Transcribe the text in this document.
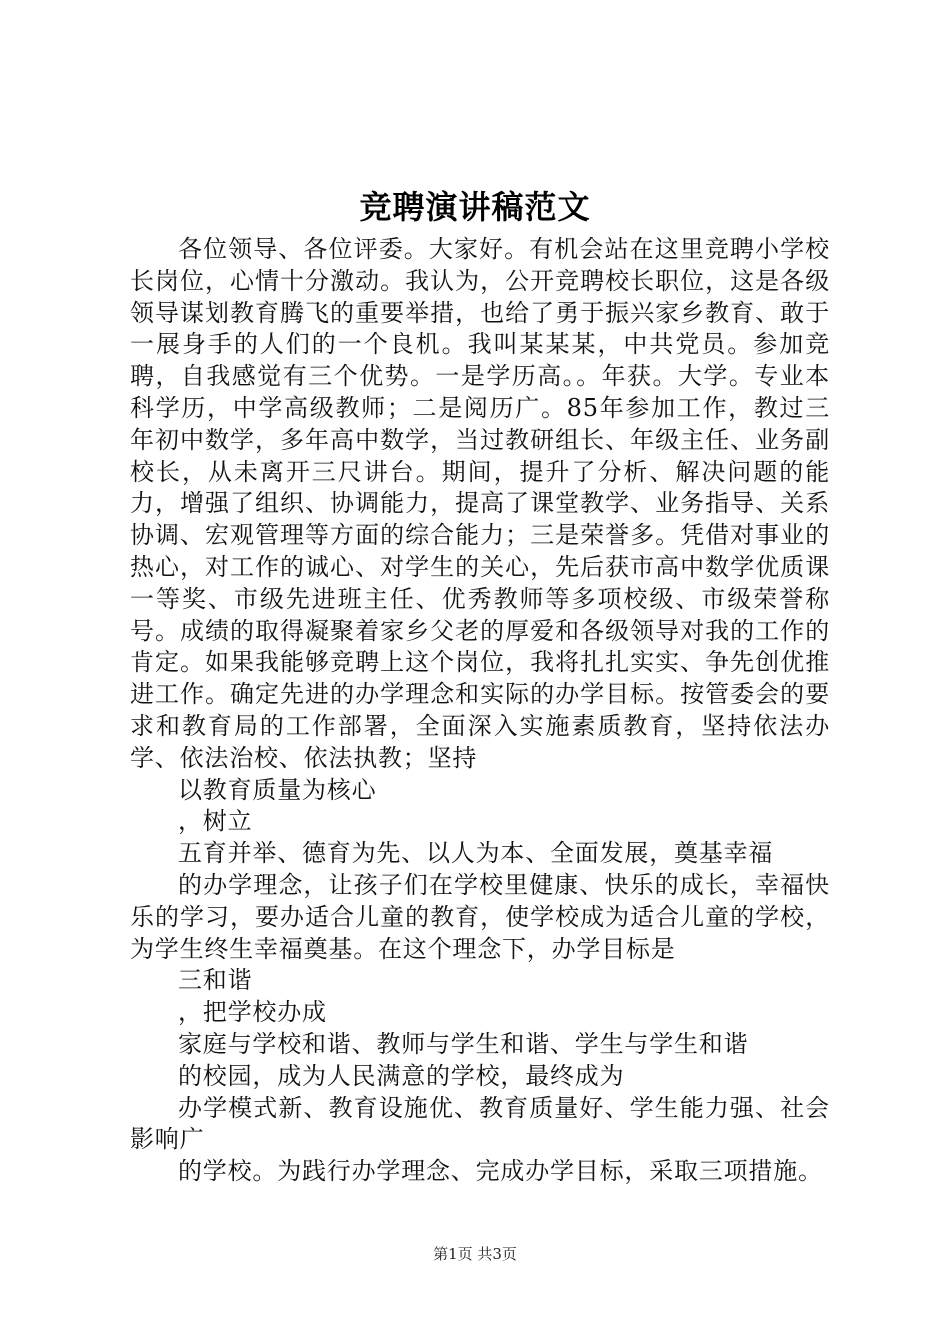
竞聘演讲稿范文

各位领导、各位评委。大家好。有机会站在这里竞聘小学校长岗位，心情十分激动。我认为，公开竞聘校长职位，这是各级领导谋划教育腾飞的重要举措，也给了勇于振兴家乡教育、敢于一展身手的人们的一个良机。我叫某某某，中共党员。参加竞聘，自我感觉有三个优势。一是学历高。。年获。大学。专业本科学历，中学高级教师；二是阅历广。85年参加工作，教过三年初中数学，多年高中数学，当过教研组长、年级主任、业务副校长，从未离开三尺讲台。期间，提升了分析、解决问题的能力，增强了组织、协调能力，提高了课堂教学、业务指导、关系协调、宏观管理等方面的综合能力；三是荣誉多。凭借对事业的热心，对工作的诚心、对学生的关心，先后获市高中数学优质课一等奖、市级先进班主任、优秀教师等多项校级、市级荣誉称号。成绩的取得凝聚着家乡父老的厚爱和各级领导对我的工作的肯定。如果我能够竞聘上这个岗位，我将扎扎实实、争先创优推进工作。确定先进的办学理念和实际的办学目标。按管委会的要求和教育局的工作部署，全面深入实施素质教育，坚持依法办学、依法治校、依法执教；坚持

以教育质量为核心

，树立

五育并举、德育为先、以人为本、全面发展，奠基幸福

的办学理念，让孩子们在学校里健康、快乐的成长，幸福快乐的学习，要办适合儿童的教育，使学校成为适合儿童的学校，为学生终生幸福奠基。在这个理念下，办学目标是

三和谐

，把学校办成

家庭与学校和谐、教师与学生和谐、学生与学生和谐

的校园，成为人民满意的学校，最终成为

办学模式新、教育设施优、教育质量好、学生能力强、社会影响广

的学校。为践行办学理念、完成办学目标，采取三项措施。

第1页 共3页
